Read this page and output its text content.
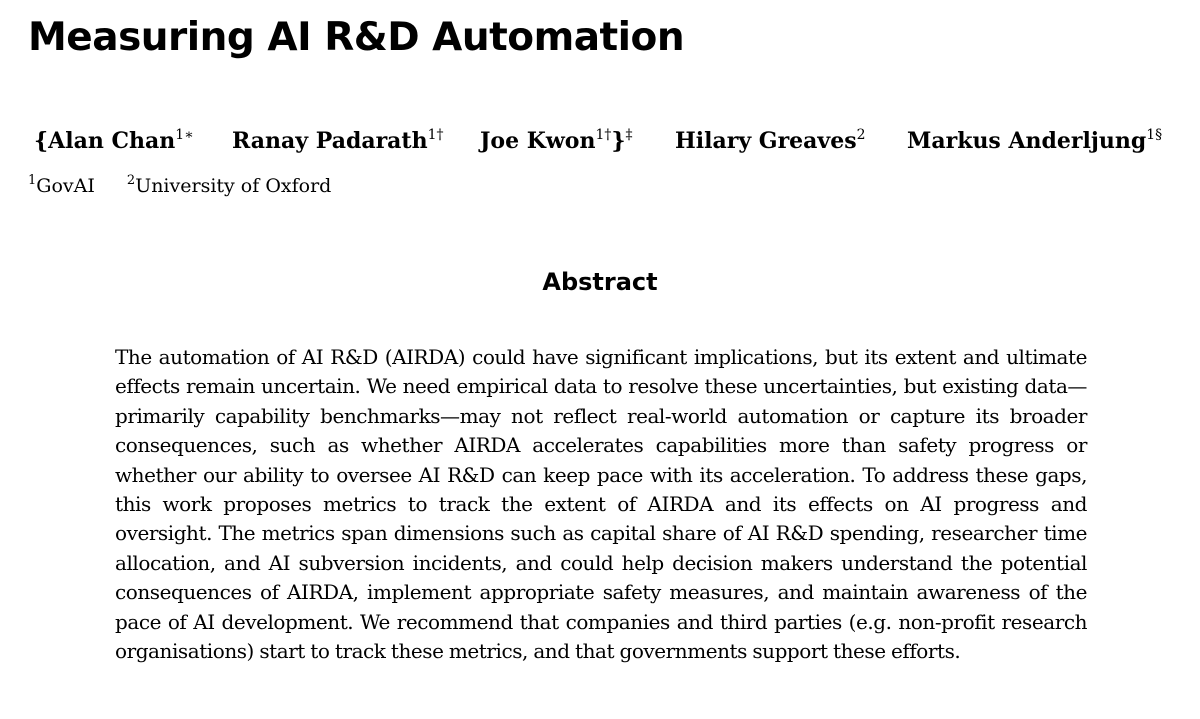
Measuring AI R&D Automation
{Alan Chan$^{1∗}$ Ranay Padarath$^{1\dagger}$ Joe Kwon$^{1\dagger}$}‡ Hilary Greaves$^2$ Markus Anderljung$^{1\S}$
$^1$GovAI $^2$University of Oxford
Abstract

The automation of AI R&D (AIRDA) could have significant implications, but its extent and ultimate effects remain uncertain. We need empirical data to resolve these uncertainties, but existing data—primarily capability benchmarks—may not reflect real-world automation or capture its broader consequences, such as whether AIRDA accelerates capabilities more than safety progress or whether our ability to oversee AI R&D can keep pace with its acceleration. To address these gaps, this work proposes metrics to track the extent of AIRDA and its effects on AI progress and oversight. The metrics span dimensions such as capital share of AI R&D spending, researcher time allocation, and AI subversion incidents, and could help decision makers understand the potential consequences of AIRDA, implement appropriate safety measures, and maintain awareness of the pace of AI development. We recommend that companies and third parties (e.g. non-profit research organisations) start to track these metrics, and that governments support these efforts.
